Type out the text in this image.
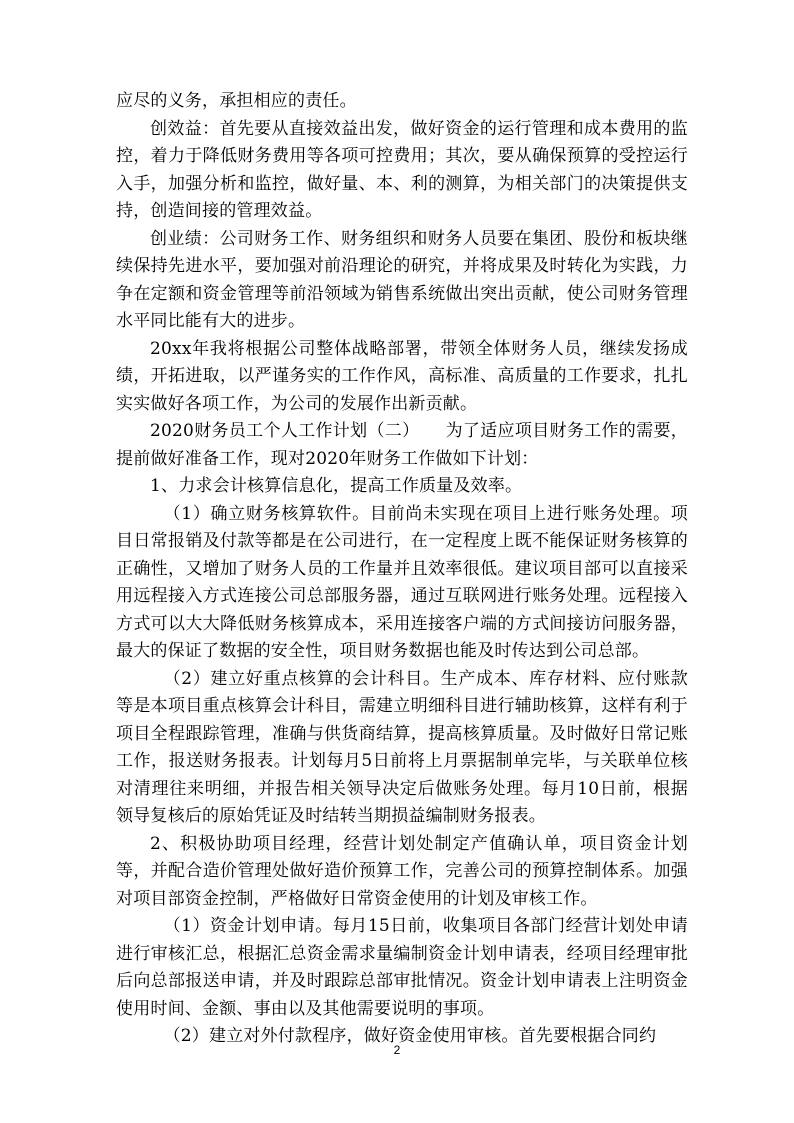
应尽的义务，承担相应的责任。

创效益：首先要从直接效益出发，做好资金的运行管理和成本费用的监控，着力于降低财务费用等各项可控费用；其次，要从确保预算的受控运行入手，加强分析和监控，做好量、本、利的测算，为相关部门的决策提供支持，创造间接的管理效益。

创业绩：公司财务工作、财务组织和财务人员要在集团、股份和板块继续保持先进水平，要加强对前沿理论的研究，并将成果及时转化为实践，力争在定额和资金管理等前沿领域为销售系统做出突出贡献，使公司财务管理水平同比能有大的进步。

20xx年我将根据公司整体战略部署，带领全体财务人员，继续发扬成绩，开拓进取，以严谨务实的工作作风，高标准、高质量的工作要求，扎扎实实做好各项工作，为公司的发展作出新贡献。

2020财务员工个人工作计划（二）　　为了适应项目财务工作的需要，提前做好准备工作，现对2020年财务工作做如下计划：

1、力求会计核算信息化，提高工作质量及效率。

（1）确立财务核算软件。目前尚未实现在项目上进行账务处理。项目日常报销及付款等都是在公司进行，在一定程度上既不能保证财务核算的正确性，又增加了财务人员的工作量并且效率很低。建议项目部可以直接采用远程接入方式连接公司总部服务器，通过互联网进行账务处理。远程接入方式可以大大降低财务核算成本，采用连接客户端的方式间接访问服务器，最大的保证了数据的安全性，项目财务数据也能及时传达到公司总部。

（2）建立好重点核算的会计科目。生产成本、库存材料、应付账款等是本项目重点核算会计科目，需建立明细科目进行辅助核算，这样有利于项目全程跟踪管理，准确与供货商结算，提高核算质量。及时做好日常记账工作，报送财务报表。计划每月5日前将上月票据制单完毕，与关联单位核对清理往来明细，并报告相关领导决定后做账务处理。每月10日前，根据领导复核后的原始凭证及时结转当期损益编制财务报表。

2、积极协助项目经理，经营计划处制定产值确认单，项目资金计划等，并配合造价管理处做好造价预算工作，完善公司的预算控制体系。加强对项目部资金控制，严格做好日常资金使用的计划及审核工作。

（1）资金计划申请。每月15日前，收集项目各部门经营计划处申请进行审核汇总，根据汇总资金需求量编制资金计划申请表，经项目经理审批后向总部报送申请，并及时跟踪总部审批情况。资金计划申请表上注明资金使用时间、金额、事由以及其他需要说明的事项。

（2）建立对外付款程序，做好资金使用审核。首先要根据合同约

2
